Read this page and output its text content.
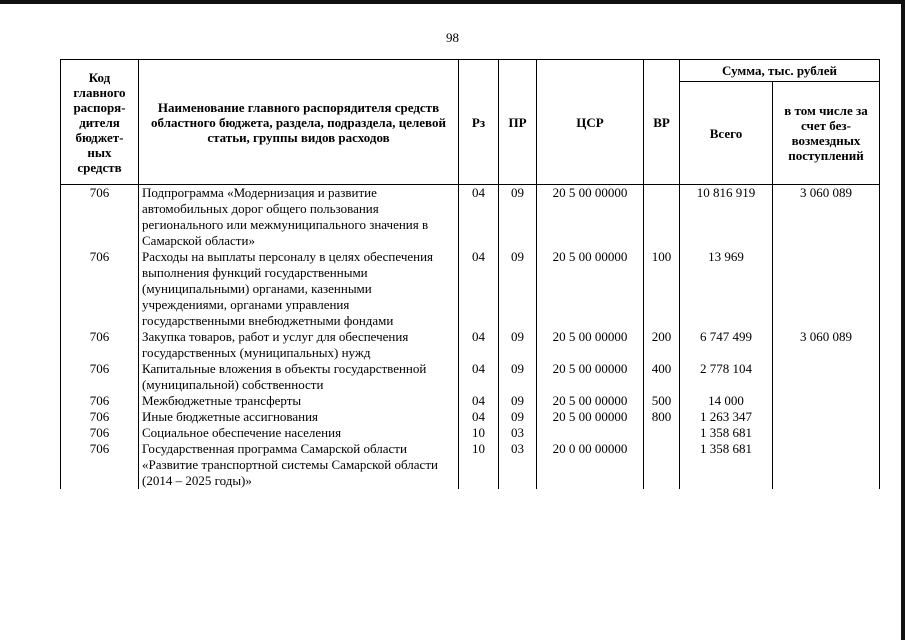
98
Код главного распоря-дителя бюджет-ных средств	Наименование главного распорядителя средств областного бюджета, раздела, подраздела, целевой статьи, группы видов расходов	Рз	ПР	ЦСР	ВР	Сумма, тыс. рублей	
						Всего	в том числе за счет без-возмездных поступлений
706	Подпрограмма «Модернизация и развитие автомобильных дорог общего пользования регионального или межмуниципального значения в Самарской области»	04	09	20 5 00 00000		10 816 919	3 060 089
706	Расходы на выплаты персоналу в целях обеспечения выполнения функций государственными (муниципальными) органами, казенными учреждениями, органами управления государственными внебюджетными фондами	04	09	20 5 00 00000	100	13 969	
706	Закупка товаров, работ и услуг для обеспечения государственных (муниципальных) нужд	04	09	20 5 00 00000	200	6 747 499	3 060 089
706	Капитальные вложения в объекты государственной (муниципальной) собственности	04	09	20 5 00 00000	400	2 778 104	
706	Межбюджетные трансферты	04	09	20 5 00 00000	500	14 000	
706	Иные бюджетные ассигнования	04	09	20 5 00 00000	800	1 263 347	
706	Социальное обеспечение населения	10	03			1 358 681	
706	Государственная программа Самарской области «Развитие транспортной системы Самарской области (2014 – 2025 годы)»	10	03	20 0 00 00000		1 358 681	
